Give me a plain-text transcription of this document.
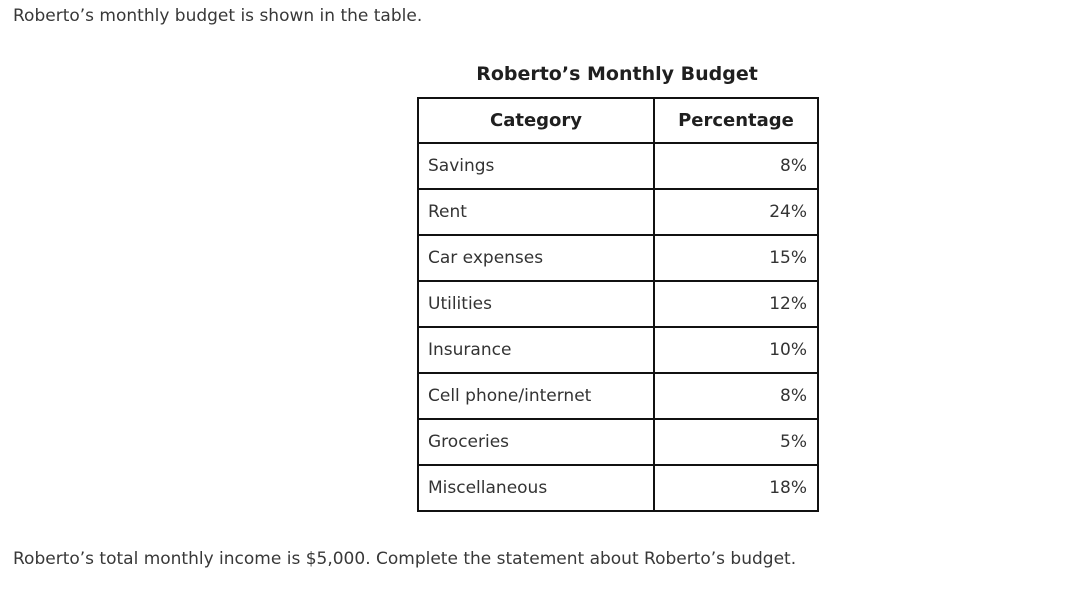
Roberto’s monthly budget is shown in the table.
Roberto’s Monthly Budget
Category	Percentage
Savings	8%
Rent	24%
Car expenses	15%
Utilities	12%
Insurance	10%
Cell phone/internet	8%
Groceries	5%
Miscellaneous	18%
Roberto’s total monthly income is $5,000. Complete the statement about Roberto’s budget.
